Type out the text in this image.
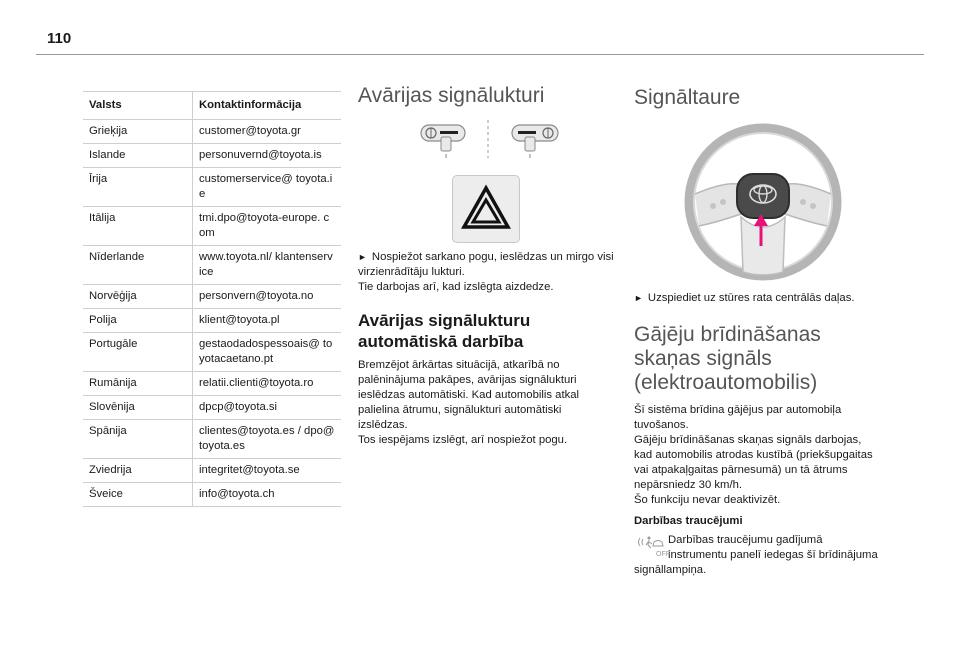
110
Valsts	Kontaktinformācija
Grieķija	customer@toyota.gr
Islande	personuvernd@toyota.is
Īrija	customerservice@ toyota.ie
Itālija	tmi.dpo@toyota-europe. com
Nīderlande	www.toyota.nl/ klantenservice
Norvēģija	personvern@toyota.no
Polija	klient@toyota.pl
Portugāle	gestaodadospessoais@ toyotacaetano.pt
Rumānija	relatii.clienti@toyota.ro
Slovēnija	dpcp@toyota.si
Spānija	clientes@toyota.es / dpo@toyota.es
Zviedrija	integritet@toyota.se
Šveice	info@toyota.ch
Avārijas signālukturi

► Nospiežot sarkano pogu, ieslēdzas un mirgo visi virzienrādītāju lukturi.

Tie darbojas arī, kad izslēgta aizdedze.

Avārijas signālukturu

automātiskā darbība

Bremzējot ārkārtas situācijā, atkarībā no

palēninājuma pakāpes, avārijas signālukturi

ieslēdzas automātiski. Kad automobilis atkal

palielina ātrumu, signālukturi automātiski

izslēdzas.

Tos iespējams izslēgt, arī nospiežot pogu.

Signāltaure

► Uzspiediet uz stūres rata centrālās daļas.

Gājēju brīdināšanas

skaņas signāls

(elektroautomobilis)

Šī sistēma brīdina gājējus par automobiļa

tuvošanos.

Gājēju brīdināšanas skaņas signāls darbojas,

kad automobilis atrodas kustībā (priekšupgaitas

vai atpakaļgaitas pārnesumā) un tā ātrums

nepārsniedz 30 km/h.

Šo funkciju nevar deaktivizēt.

Darbības traucējumi

OFF

Darbības traucējumu gadījumā

instrumentu panelī iedegas šī brīdinājuma

signāllampiņa.
